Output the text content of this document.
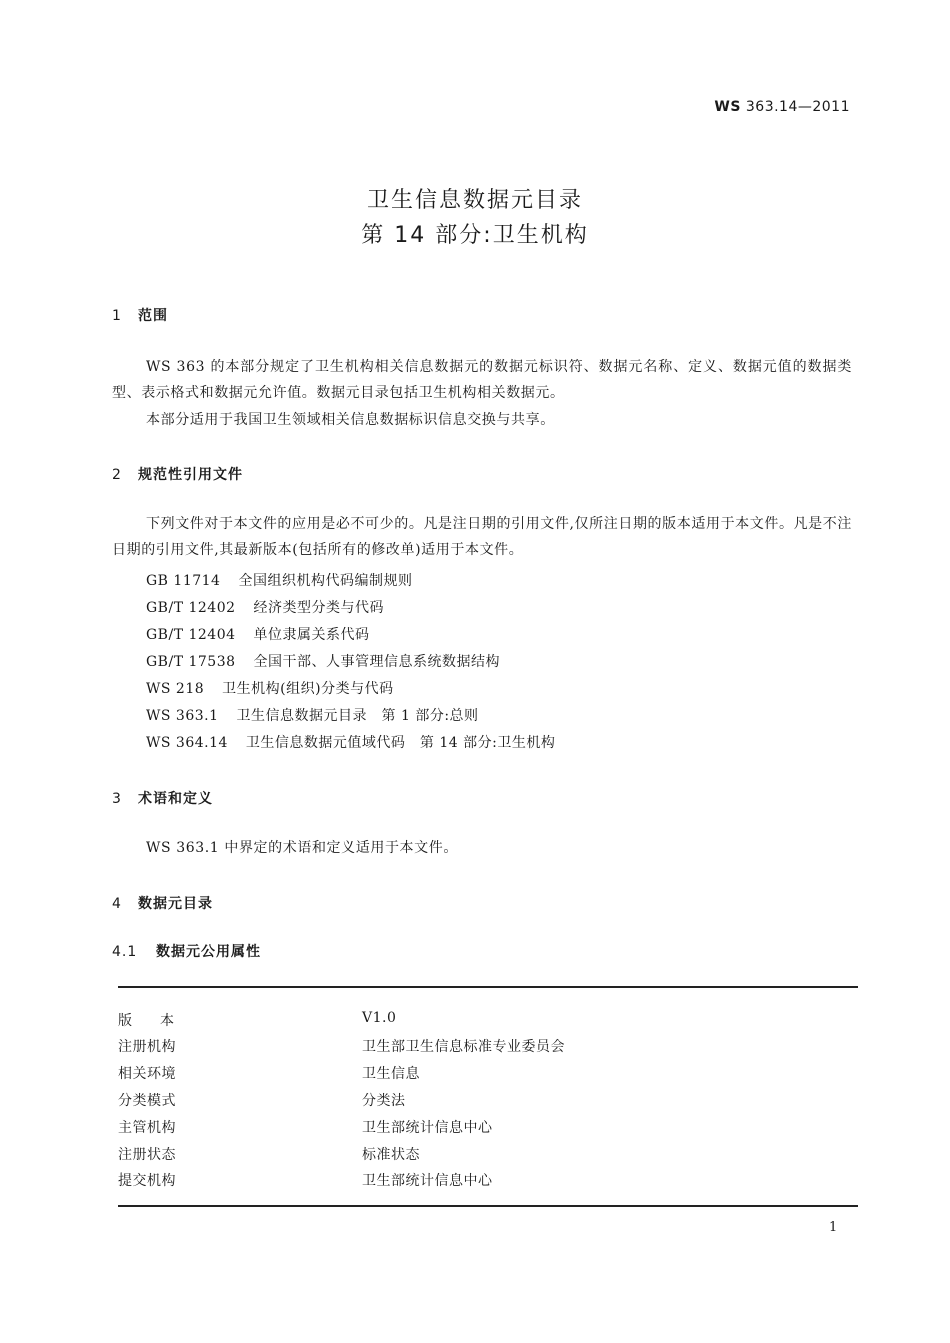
WS 363.14—2011
卫生信息数据元目录
第 14 部分:卫生机构
1 范围
WS 363 的本部分规定了卫生机构相关信息数据元的数据元标识符、数据元名称、定义、数据元值的数据类型、表示格式和数据元允许值。数据元目录包括卫生机构相关数据元。
本部分适用于我国卫生领域相关信息数据标识信息交换与共享。
2 规范性引用文件
下列文件对于本文件的应用是必不可少的。凡是注日期的引用文件,仅所注日期的版本适用于本文件。凡是不注日期的引用文件,其最新版本(包括所有的修改单)适用于本文件。
GB 11714 全国组织机构代码编制规则
GB/T 12402 经济类型分类与代码
GB/T 12404 单位隶属关系代码
GB/T 17538 全国干部、人事管理信息系统数据结构
WS 218 卫生机构(组织)分类与代码
WS 363.1 卫生信息数据元目录　第 1 部分:总则
WS 364.14 卫生信息数据元值域代码　第 14 部分:卫生机构
3 术语和定义
WS 363.1 中界定的术语和定义适用于本文件。
4 数据元目录
4.1 数据元公用属性
版本	V1.0
注册机构	卫生部卫生信息标准专业委员会
相关环境	卫生信息
分类模式	分类法
主管机构	卫生部统计信息中心
注册状态	标准状态
提交机构	卫生部统计信息中心
1
